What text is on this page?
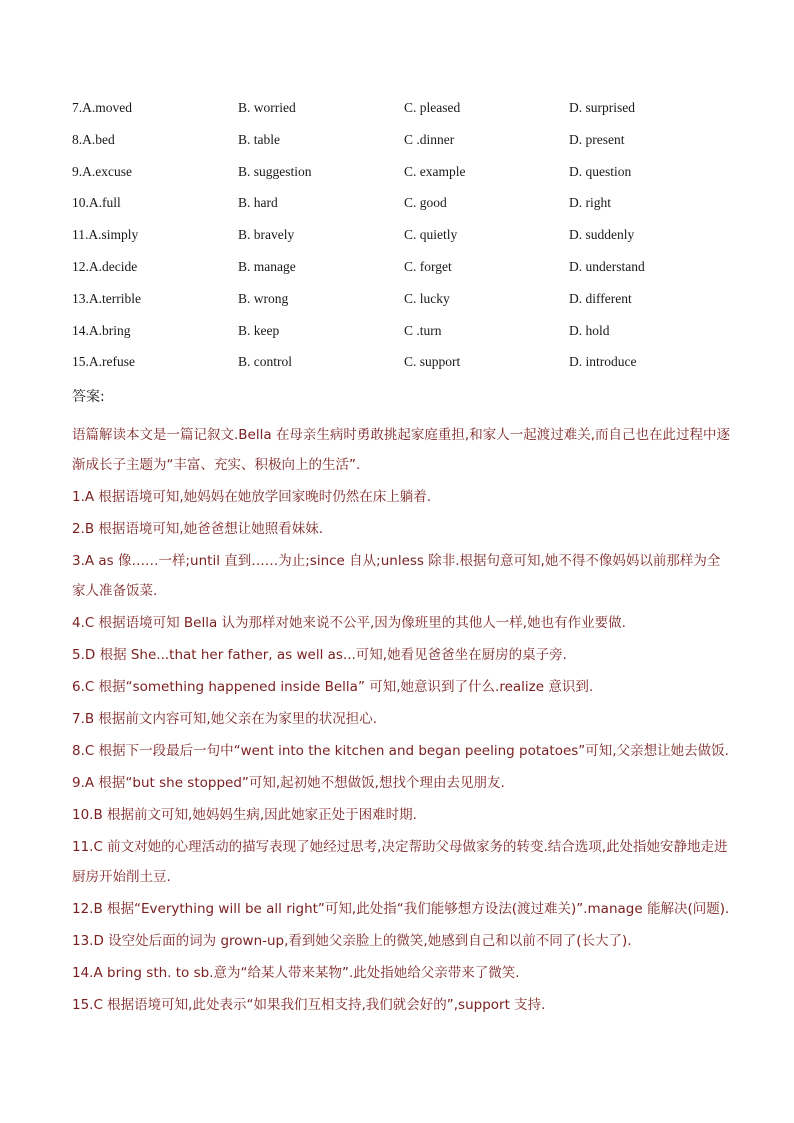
7.A.moved	B. worried	C. pleased	D. surprised
8.A.bed	B. table	C .dinner	D. present
9.A.excuse	B. suggestion	C. example	D. question
10.A.full	B. hard	C. good	D. right
11.A.simply	B. bravely	C. quietly	D. suddenly
12.A.decide	B. manage	C. forget	D. understand
13.A.terrible	B. wrong	C. lucky	D. different
14.A.bring	B. keep	C .turn	D. hold
15.A.refuse	B. control	C. support	D. introduce
答案:

语篇解读本文是一篇记叙文.Bella 在母亲生病时勇敢挑起家庭重担,和家人一起渡过难关,而自己也在此过程中逐渐成长子主题为“丰富、充实、积极向上的生活”.

1.A 根据语境可知,她妈妈在她放学回家晚时仍然在床上躺着.

2.B 根据语境可知,她爸爸想让她照看妹妹.

3.A as 像……一样;until 直到……为止;since 自从;unless 除非.根据句意可知,她不得不像妈妈以前那样为全家人准备饭菜.

4.C 根据语境可知 Bella 认为那样对她来说不公平,因为像班里的其他人一样,她也有作业要做.

5.D 根据 She...that her father, as well as...可知,她看见爸爸坐在厨房的桌子旁.

6.C 根据“something happened inside Bella” 可知,她意识到了什么.realize 意识到.

7.B 根据前文内容可知,她父亲在为家里的状况担心.

8.C 根据下一段最后一句中“went into the kitchen and began peeling potatoes”可知,父亲想让她去做饭.

9.A 根据“but she stopped”可知,起初她不想做饭,想找个理由去见朋友.

10.B 根据前文可知,她妈妈生病,因此她家正处于困难时期.

11.C 前文对她的心理活动的描写表现了她经过思考,决定帮助父母做家务的转变.结合选项,此处指她安静地走进厨房开始削土豆.

12.B 根据“Everything will be all right”可知,此处指“我们能够想方设法(渡过难关)”.manage 能解决(问题).

13.D 设空处后面的词为 grown-up,看到她父亲脸上的微笑,她感到自己和以前不同了(长大了).

14.A bring sth. to sb.意为“给某人带来某物”.此处指她给父亲带来了微笑.

15.C 根据语境可知,此处表示“如果我们互相支持,我们就会好的”,support 支持.
